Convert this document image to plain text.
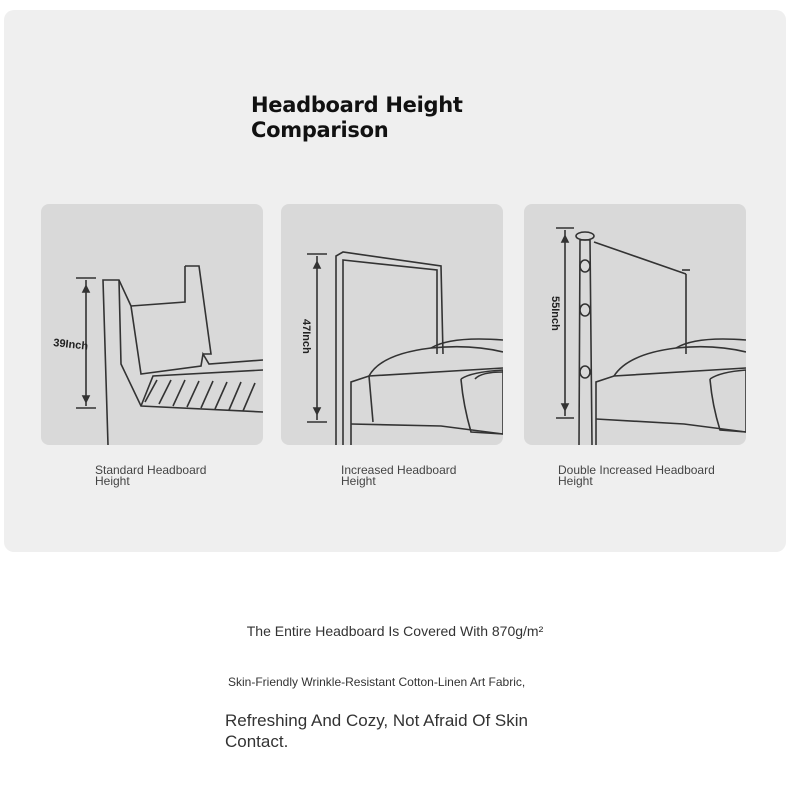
Headboard Height
Comparison
39Inch	47Inch
55Inch
Standard Headboard
Height
Increased Headboard
Height
Double Increased Headboard
Height
The Entire Headboard Is Covered With 870g/m²
Skin-Friendly Wrinkle-Resistant Cotton-Linen Art Fabric,
Refreshing And Cozy, Not Afraid Of Skin
Contact.
